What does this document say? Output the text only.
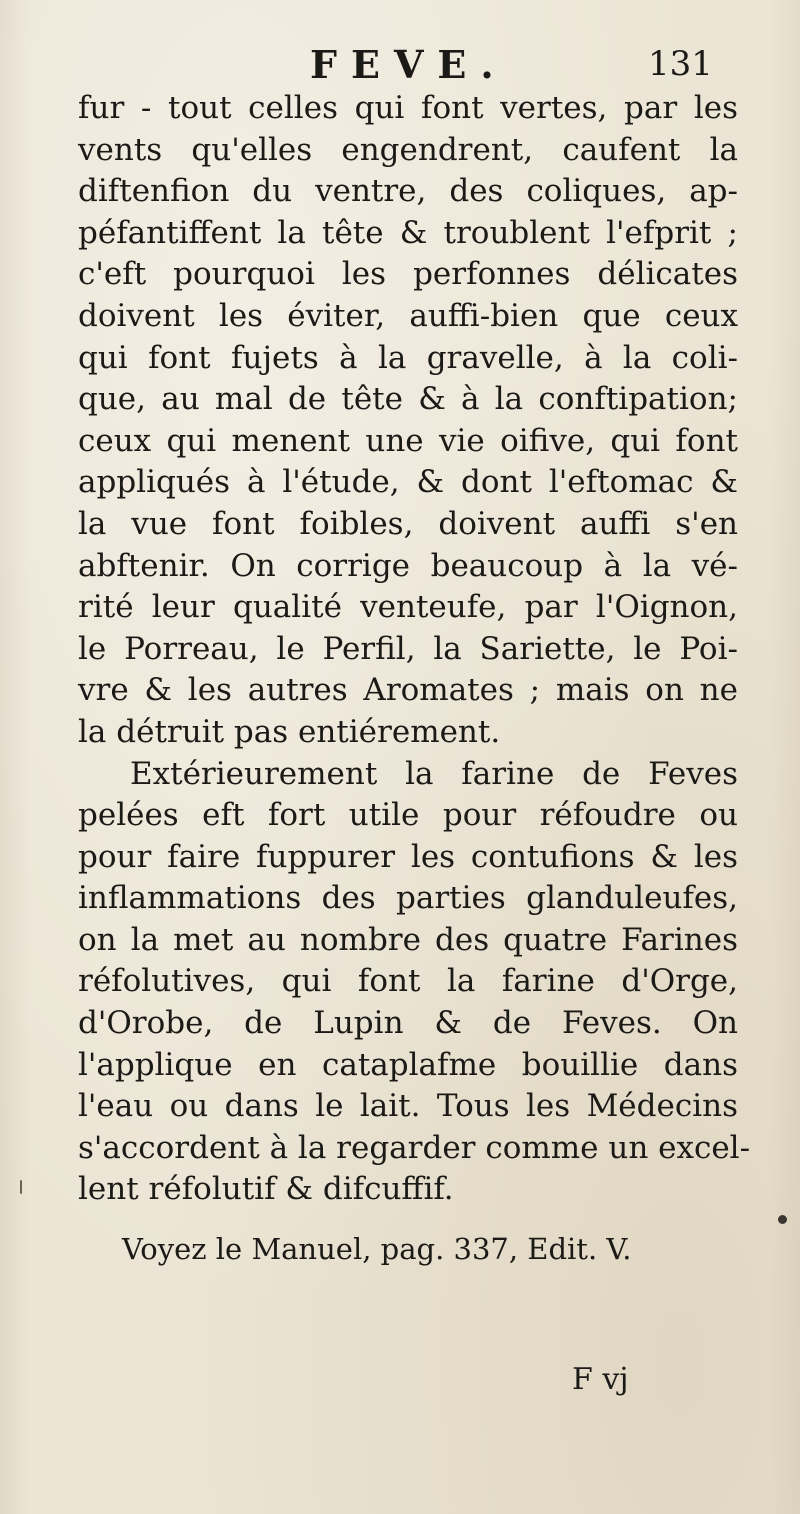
FEVE.	131
fur - tout celles qui font vertes, par les
vents qu'elles engendrent, caufent la
diftenfion du ventre, des coliques, ap-
péfantiffent la tête & troublent l'efprit ;
c'eft pourquoi les perfonnes délicates
doivent les éviter, auffi-bien que ceux
qui font fujets à la gravelle, à la coli-
que, au mal de tête & à la conftipation;
ceux qui menent une vie oifive, qui font
appliqués à l'étude, & dont l'eftomac &
la vue font foibles, doivent auffi s'en
abftenir. On corrige beaucoup à la vé-
rité leur qualité venteufe, par l'Oignon,
le Porreau, le Perfil, la Sariette, le Poi-
vre & les autres Aromates ; mais on ne
la détruit pas entiérement.
Extérieurement la farine de Feves
pelées eft fort utile pour réfoudre ou
pour faire fuppurer les contufions & les
inflammations des parties glanduleufes,
on la met au nombre des quatre Farines
réfolutives, qui font la farine d'Orge,
d'Orobe, de Lupin & de Feves. On
l'applique en cataplafme bouillie dans
l'eau ou dans le lait. Tous les Médecins
s'accordent à la regarder comme un excel-
lent réfolutif & difcuffif.
Voyez le Manuel, pag. 337, Edit. V.
F vj
